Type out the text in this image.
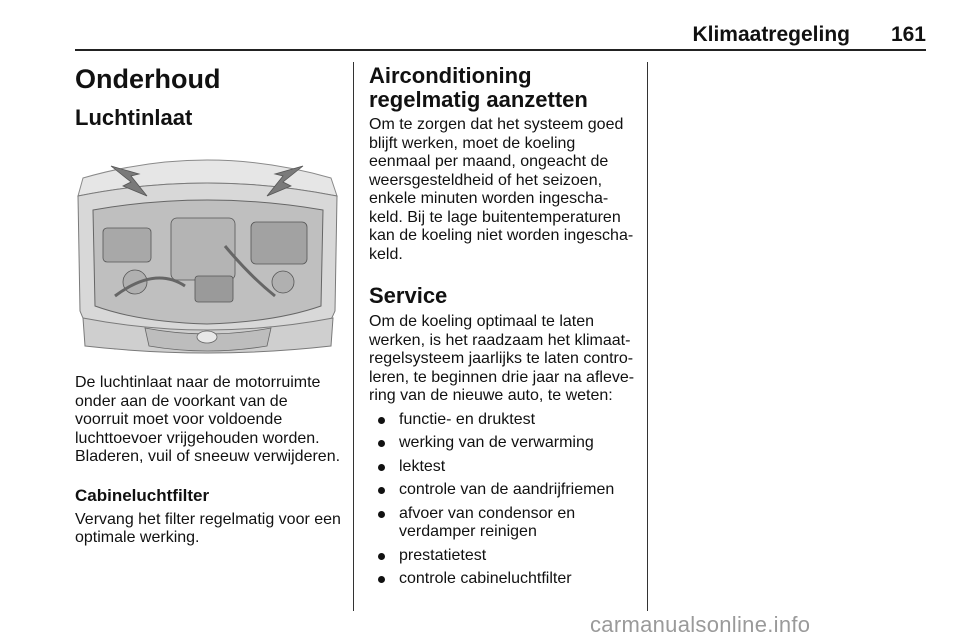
Klimaatregeling	161
Onderhoud
Luchtinlaat

De luchtinlaat naar de motorruimte onder aan de voorkant van de voorruit moet voor voldoende luchttoevoer vrijgehouden worden. Bladeren, vuil of sneeuw verwijderen.

Cabineluchtfilter

Vervang het filter regelmatig voor een optimale werking.

Airconditioning regelmatig aanzetten

Om te zorgen dat het systeem goed blijft werken, moet de koeling eenmaal per maand, ongeacht de weersgesteldheid of het seizoen, enkele minuten worden ingescha-keld. Bij te lage buitentemperaturen kan de koeling niet worden ingescha-keld.

Service

Om de koeling optimaal te laten werken, is het raadzaam het klimaat-regelsysteem jaarlijks te laten contro-leren, te beginnen drie jaar na afleve-ring van de nieuwe auto, te weten:

functie- en druktest
werking van de verwarming
lektest
controle van de aandrijfriemen
afvoer van condensor en verdamper reinigen
prestatietest
controle cabineluchtfilter
carmanualsonline.info
